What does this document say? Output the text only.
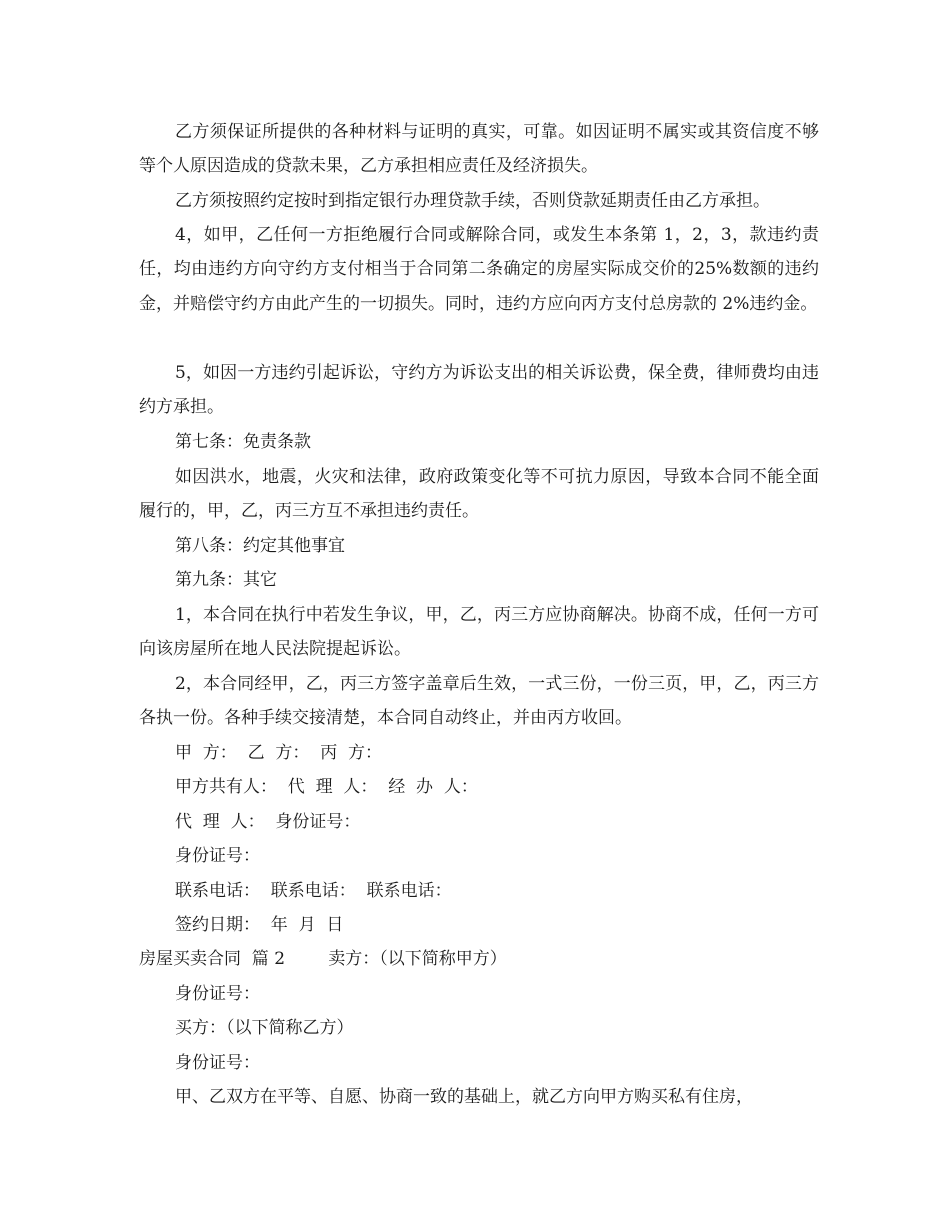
乙方须保证所提供的各种材料与证明的真实，可靠。如因证明不属实或其资信度不够等个人原因造成的贷款未果，乙方承担相应责任及经济损失。
乙方须按照约定按时到指定银行办理贷款手续，否则贷款延期责任由乙方承担。
4，如甲，乙任何一方拒绝履行合同或解除合同，或发生本条第 1，2，3，款违约责任，均由违约方向守约方支付相当于合同第二条确定的房屋实际成交价的25%数额的违约金，并赔偿守约方由此产生的一切损失。同时，违约方应向丙方支付总房款的 2%违约金。
5，如因一方违约引起诉讼，守约方为诉讼支出的相关诉讼费，保全费，律师费均由违约方承担。
第七条：免责条款
如因洪水，地震，火灾和法律，政府政策变化等不可抗力原因，导致本合同不能全面履行的，甲，乙，丙三方互不承担违约责任。
第八条：约定其他事宜
第九条：其它
1，本合同在执行中若发生争议，甲，乙，丙三方应协商解决。协商不成，任何一方可向该房屋所在地人民法院提起诉讼。
2，本合同经甲，乙，丙三方签字盖章后生效，一式三份，一份三页，甲，乙，丙三方各执一份。各种手续交接清楚，本合同自动终止，并由丙方收回。
甲  方：  乙  方：  丙  方：
甲方共有人：  代  理  人：  经  办  人：
代  理  人：  身份证号：
身份证号：
联系电话：  联系电话：  联系电话：
签约日期：  年  月  日
房屋买卖合同  篇 2        卖方：（以下简称甲方）
身份证号：
买方：（以下简称乙方）
身份证号：
甲、乙双方在平等、自愿、协商一致的基础上，就乙方向甲方购买私有住房，
